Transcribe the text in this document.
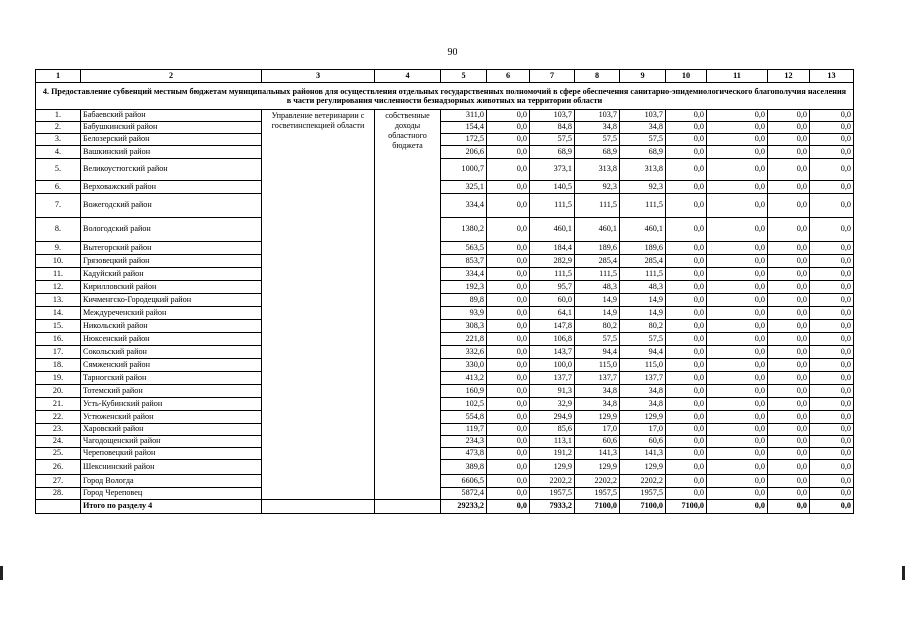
90
1	2	3	4	5	6	7	8	9	10	11	12	13
4. Предоставление субвенций местным бюджетам муниципальных районов для осуществления отдельных государственных полномочий в сфере обеспечения санитарно-эпидемиологического благополучия населения в части регулирования численности безнадзорных животных на территории области												
1.	Бабаевский район	Управление ветеринарии с госветинспекцией области	собственные доходы областного бюджета	311,0	0,0	103,7	103,7	103,7	0,0	0,0	0,0	0,0
2.	Бабушкинский район			154,4	0,0	84,8	34,8	34,8	0,0	0,0	0,0	0,0
3.	Белозерский район			172,5	0,0	57,5	57,5	57,5	0,0	0,0	0,0	0,0
4.	Вашкинский район			206,6	0,0	68,9	68,9	68,9	0,0	0,0	0,0	0,0
5.	Великоустюгский район			1000,7	0,0	373,1	313,8	313,8	0,0	0,0	0,0	0,0
6.	Верховажский район			325,1	0,0	140,5	92,3	92,3	0,0	0,0	0,0	0,0
7.	Вожегодский район			334,4	0,0	111,5	111,5	111,5	0,0	0,0	0,0	0,0
8.	Вологодский район			1380,2	0,0	460,1	460,1	460,1	0,0	0,0	0,0	0,0
9.	Вытегорский район			563,5	0,0	184,4	189,6	189,6	0,0	0,0	0,0	0,0
10.	Грязовецкий район			853,7	0,0	282,9	285,4	285,4	0,0	0,0	0,0	0,0
11.	Кадуйский район			334,4	0,0	111,5	111,5	111,5	0,0	0,0	0,0	0,0
12.	Кирилловский район			192,3	0,0	95,7	48,3	48,3	0,0	0,0	0,0	0,0
13.	Кичменгско-Городецкий район			89,8	0,0	60,0	14,9	14,9	0,0	0,0	0,0	0,0
14.	Междуреченский район			93,9	0,0	64,1	14,9	14,9	0,0	0,0	0,0	0,0
15.	Никольский район			308,3	0,0	147,8	80,2	80,2	0,0	0,0	0,0	0,0
16.	Нюксенский район			221,8	0,0	106,8	57,5	57,5	0,0	0,0	0,0	0,0
17.	Сокольский район			332,6	0,0	143,7	94,4	94,4	0,0	0,0	0,0	0,0
18.	Сямженский район			330,0	0,0	100,0	115,0	115,0	0,0	0,0	0,0	0,0
19.	Тарногский район			413,2	0,0	137,7	137,7	137,7	0,0	0,0	0,0	0,0
20.	Тотемский район			160,9	0,0	91,3	34,8	34,8	0,0	0,0	0,0	0,0
21.	Усть-Кубинский район			102,5	0,0	32,9	34,8	34,8	0,0	0,0	0,0	0,0
22.	Устюженский район			554,8	0,0	294,9	129,9	129,9	0,0	0,0	0,0	0,0
23.	Харовский район			119,7	0,0	85,6	17,0	17,0	0,0	0,0	0,0	0,0
24.	Чагодощенский район			234,3	0,0	113,1	60,6	60,6	0,0	0,0	0,0	0,0
25.	Череповецкий район			473,8	0,0	191,2	141,3	141,3	0,0	0,0	0,0	0,0
26.	Шекснинский район			389,8	0,0	129,9	129,9	129,9	0,0	0,0	0,0	0,0
27.	Город Вологда			6606,5	0,0	2202,2	2202,2	2202,2	0,0	0,0	0,0	0,0
28.	Город Череповец			5872,4	0,0	1957,5	1957,5	1957,5	0,0	0,0	0,0	0,0
	Итого по разделу 4			29233,2	0,0	7933,2	7100,0	7100,0	7100,0	0,0	0,0	0,0
